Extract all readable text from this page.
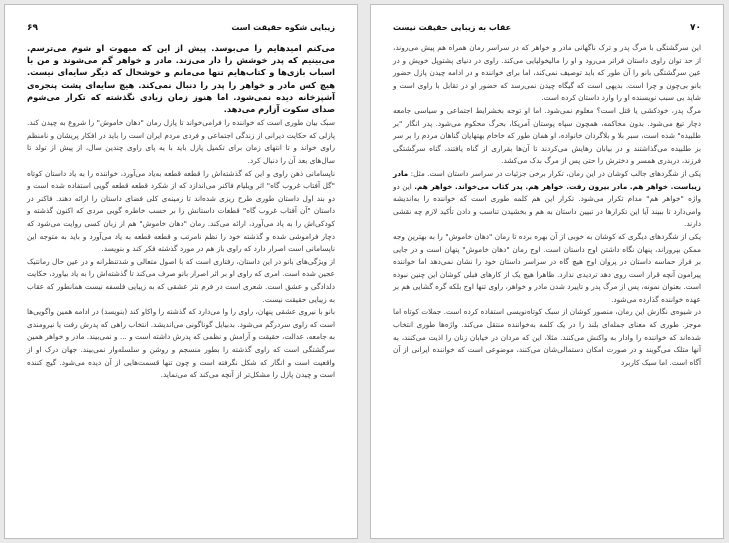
زیبایی شکوه حقیقت است
۶۹
می‌کنم امیدهایم را می‌بوسد. پیش از این که مبهوت او شوم می‌ترسم. می‌بینیم که پدر خوشش را دار می‌زند. مادر و خواهر گم می‌شوند و من با اسباب بازی‌ها و کتاب‌هایم تنها می‌مانم و خوشحال که دیگر سایه‌ای نیست. هیچ کس مادر و خواهر را پدر را دنبال نمی‌کند. هیچ سایه‌ای پشت پنجره‌ی آشپزخانه دیده نمی‌شود. اما هنوز زمان زیادی نگذشته که تکرار می‌شوم صدای سکوت آزارم می‌دهد.

سبک بیان طوری است که خواننده را فرامی‌خواند تا پازل رمان "دهان خاموش" را شروع به چیدن کند. پازلی که حکایت دیرانی از زندگی اجتماعی و فردی مردم ایران است را باید در افکار پریشان و نامنظم راوی خواند و تا انتهای زمان برای تکمیل پازل باید با یه پای راوی چندین سال، از پیش از تولد تا سال‌های بعد آن را دنبال کرد.

ناپسامانی ذهن راوی و این که گذشته‌اش را قطعه قطعه به‌یاد می‌آورد، خواننده را به یاد داستان کوتاه "گل آفتاب غروب گاه" اثر ویلیام فاکنر می‌اندازد که از شکرد قطعه قطعه گویی استفاده شده است و دو بند اول داستان طوری طرح ریزی شده‌اند تا زمینه‌ی کلی فضای داستان را ارائه دهند. فاکنر در داستان "آن آفتاب غروب گاه" قطعات داستانش را بر حسب خاطره گویی مردی که اکنون گذشته و کودکی‌اش را به یاد می‌آورد، ارائه می‌کند. رمان "دهان خاموش" هم از زبان کسی روایت می‌شود که دچار فراموشی شده و گذشته خود را نظم نامرتب و قطعه قطعه به یاد می‌آورد و باید به متوجه این ناپسامانی است اصرار دارد که راوی باز هم در مورد گذشته فکر کند و بنویسد.

از ویژگی‌های بانو در این داستان، رفتاری است که با اصول متعالی و شدتنظرانه و در عین حال رمانتیک عجین شده است. امری که راوی او بر اثر اصرار بانو صرف می‌کند تا گذشته‌اش را به یاد بیاورد، حکایت دلدادگی و عشق است. شعری است در فرم نثر عشقی که به زیبایی فلسفه نیست همانطور که عقاب به زیبایی حقیقت نیست.

بانو با نیروی عشقی پنهان، راوی را وا می‌دارد که گذشته را واکاو کند (بنویسد) در ادامه همین واگویی‌ها است که راوی سردرگم می‌شود. بدبیایل گوناگونی می‌اندیشد. انتخاب راهی که پدرش رفت یا نیرومندی به جامعه، عدالت، حقیقت و آرامش و نظمی که پدرش داشته است و ... و نمی‌بیند. مادر و خواهر همین سرگشتگی است که راوی گذشته را بطور منسجم و روشن و سلسله‌وار نمی‌بیند. جهان درک او از واقعیت است و انگار که شکل نگرفته است و چون تنها قسمت‌هایی از آن دیده می‌شود. گیج کننده است و چیدن پازل را مشکل‌تر از آنچه می‌کند که می‌نماید.

۷۰
عقاب به زیبایی حقیقت نیست

این سرگشتگی با مرگ پدر و ترک ناگهانی مادر و خواهر که در سراسر رمان همراه هم پیش می‌روند، از حد توان راوی داستان فراتر می‌رود و او را مالیخولیایی می‌کند. راوی در دنیای پشتوپل خویش و در عین سرگشتگی بانو را آن طور که باید توصیف نمی‌کند، اما برای خواننده و در ادامه چیدن پازل حضور بانو بی‌چون و چرا است. بدیهی است که گیگاه چیدن نمی‌رسد که حضور او در تقابل با راوی است و شاید بی سبب نویسنده او را وارد داستان کرده است.

مرگ پدر، خودکشی یا قتل است؟ معلوم نمی‌شود. اما او توجه بخشرایط اجتماعی و سیاسی جامعه دچار تیغ می‌شود. بدون محاکمه، همچون سپاه پوستان آمریکا، بحرگ محکوم می‌شود. پدر انگار "بر طلبیده" شده است، سبر بلا و بلاگردان خانواده، او همان طور که خاخام بهتهایان گناهان مردم را بر سر بز طلبیده می‌گذاشتند و در بیابان رهایش می‌کردند تا آن‌ها بقراری از گناه یافتند، گناه سرگشتگی فرزند، دربدری همسر و دخترش را حتی پس از مرگ بدک می‌کشد.

یکی از شگردهای جالب کوشان در این رمان، تکرار برخی جزئیات در سراسر داستان است. مثل: مادر زیباست. خواهر هم. مادر بیرون رفت. خواهر هم. پدر کتاب می‌خواند. خواهر هم. این دو واژه "خواهر هم" مدام تکرار می‌شود. تکرار این هم کلمه طوری است که خواننده را به‌اندیشه وامی‌دارد تا ببیند آیا این تکرارها در تبیین داستان به هم و بخشیدن تناسب و دادن تأکید لازم چه نقشی دارند.

یکی از شگردهای دیگری که کوشان به خوبی از آن بهره برده تا رمان "دهان خاموش" را به بهترین وجه ممکن بپروراند، پنهان نگاه داشتن اوج داستان است. اوج رمان "دهان خاموش" پنهان است و در جایی بر فراز حماسه داستان در پروان اوج هیچ گاه در سراسر داستان خود را نشان نمی‌دهد اما خواننده پیرامون آنچه قرار است روی دهد تردیدی ندارد. ظاهرا هیچ یک از کارهای فبلی کوشان این چنین نبوده است. بعنوان نمونه، پس از مرگ پدر و تاییرد شدن مادر و خواهر، راوی تنها اوج بلکه گره گشایی هم بر عهده خواننده گذارده می‌شود.

در شیوه‌ی نگارش این رمان، منصور کوشان از سبک کوتاه‌نویسی استفاده کرده است. جملات کوتاه اما موجز. طوری که معنای جمله‌ای بلند را در یک کلمه به‌خواننده منتقل می‌کند. واژه‌ها طوری انتخاب شده‌اند که خواننده را وادار به واکنش می‌کنند. مثلا، این که مردان در خیابان زنان را اذیت می‌کنند، به آنها متلک می‌گویند و در صورت امکان دستمالی‌شان می‌کنند، موضوعی است که خواننده ایرانی از آن آگاه است. اما سبک کاربرد
